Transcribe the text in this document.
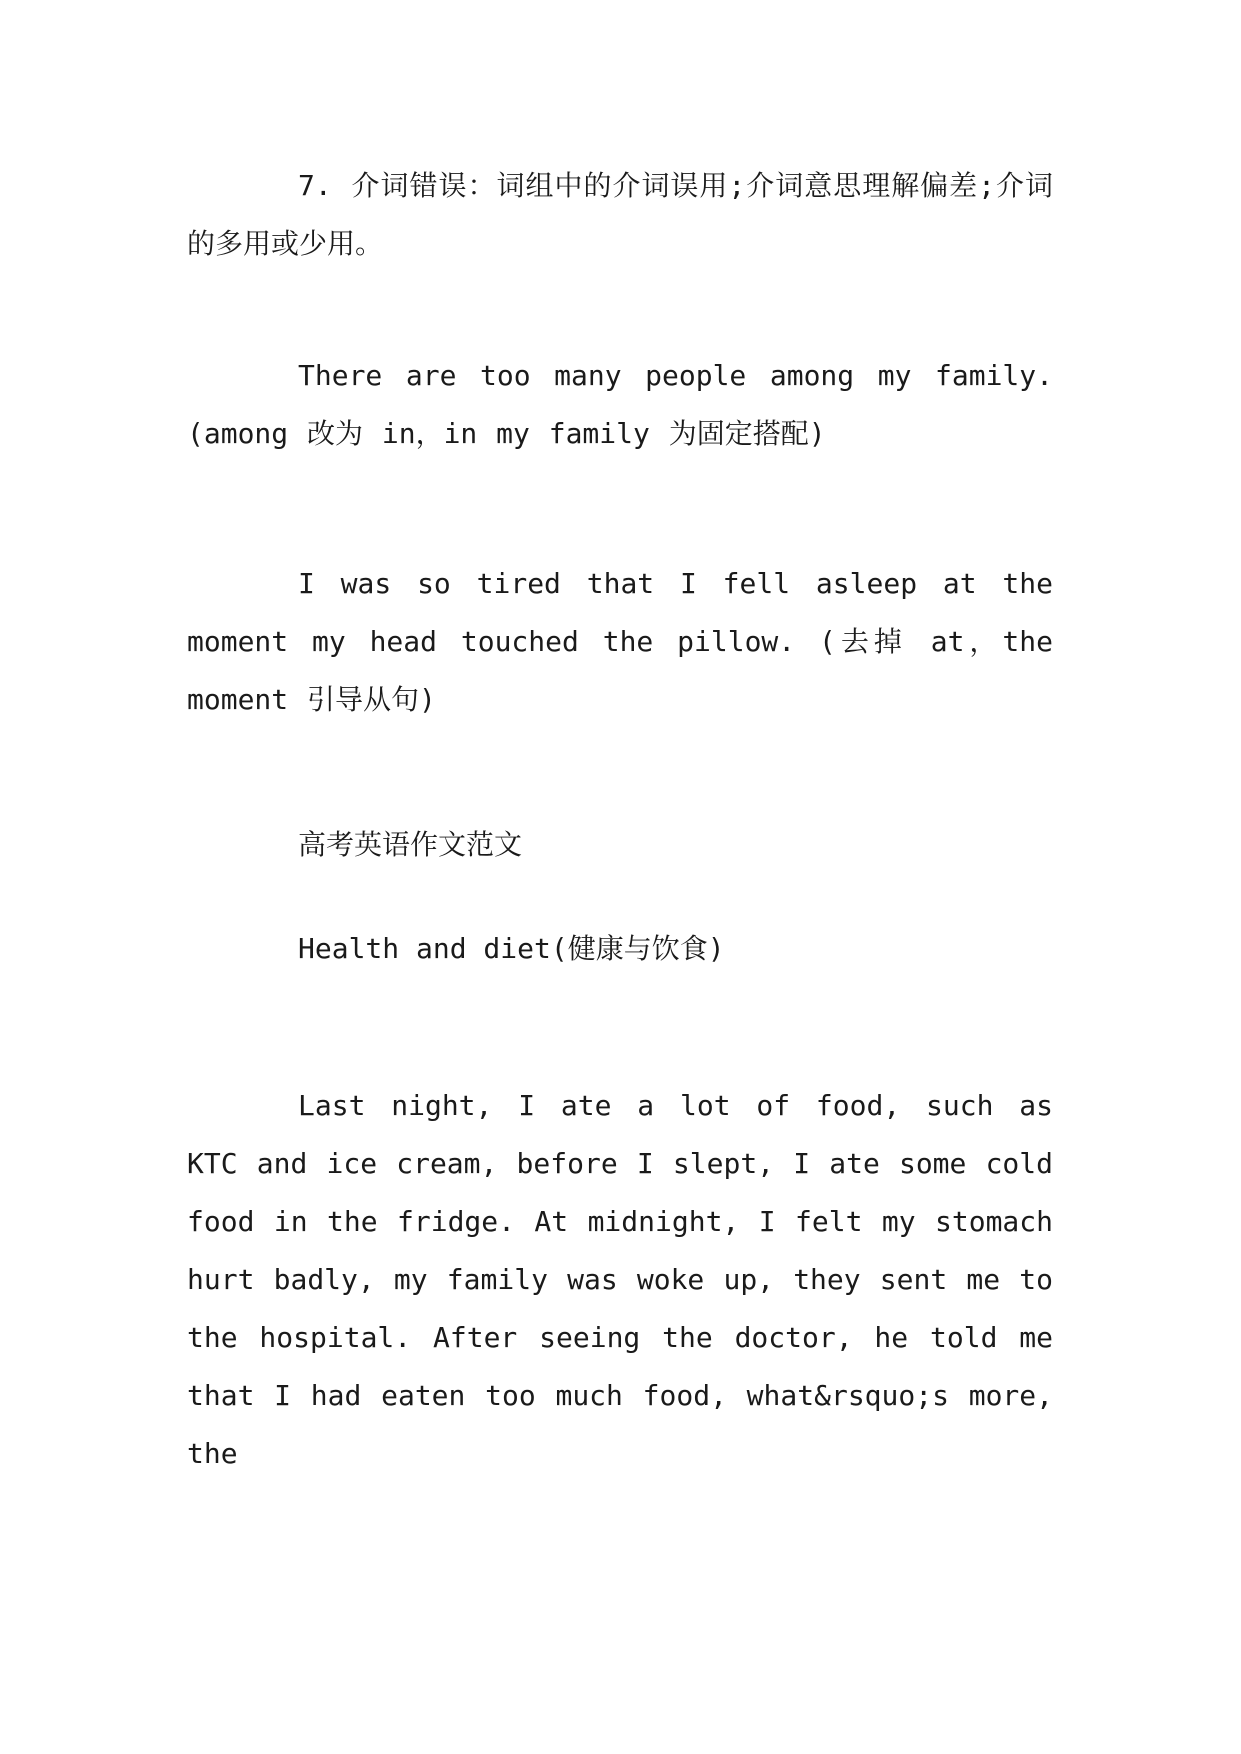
7. 介词错误：词组中的介词误用;介词意思理解偏差;介词的多用或少用。

There are too many people among my family.(among 改为 in，in my family 为固定搭配)

I was so tired that I fell asleep at the moment my head touched the pillow. (去掉 at，the moment 引导从句)

高考英语作文范文

Health and diet(健康与饮食)

Last night, I ate a lot of food, such as KTC and ice cream, before I slept, I ate some cold food in the fridge. At midnight, I felt my stomach hurt badly, my family was woke up, they sent me to the hospital. After seeing the doctor, he told me that I had eaten too much food, what&rsquo;s more, the
